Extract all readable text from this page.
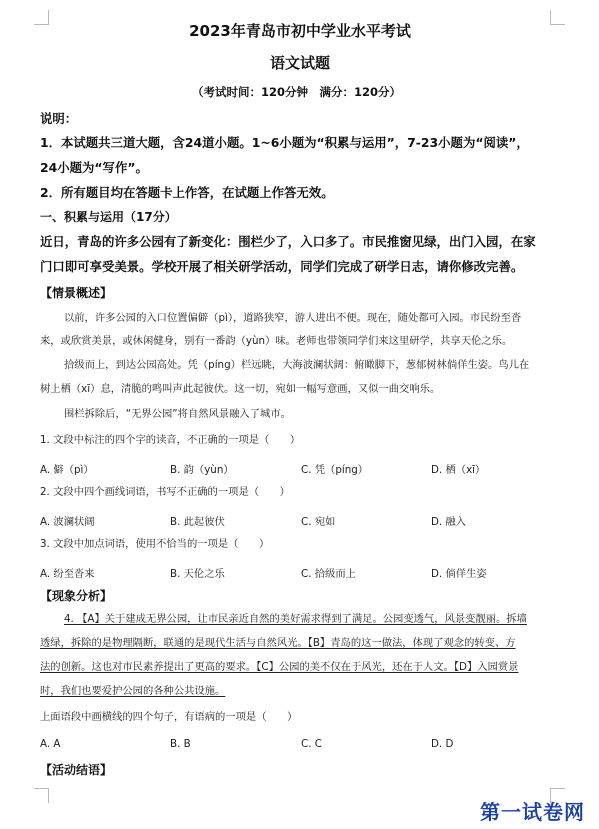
2023年青岛市初中学业水平考试
语文试题
（考试时间：120分钟　满分：120分）
说明：
1．本试题共三道大题，含24道小题。1~6小题为“积累与运用”，7-23小题为“阅读”，
24小题为“写作”。
2．所有题目均在答题卡上作答，在试题上作答无效。
一、积累与运用（17分）
近日，青岛的许多公园有了新变化：围栏少了，入口多了。市民推窗见绿，出门入园，在家
门口即可享受美景。学校开展了相关研学活动，同学们完成了研学日志，请你修改完善。
【情景概述】
以前，许多公园的入口位置偏僻（pì），道路狭窄，游人进出不便。现在，随处都可入园。市民纷至沓
来，或欣赏美景，或休闲健身，别有一番韵（yùn）味。老师也带领同学们来这里研学，共享天伦之乐。
拾级而上，到达公园高处。凭（píng）栏远眺，大海波澜状阔：俯瞰脚下，葱郁树林倘佯生姿。鸟儿在
树上栖（xī）息，清脆的鸣叫声此起彼伏。这一切，宛如一幅写意画，又似一曲交响乐。
围栏拆除后，“无界公园”将自然风景融入了城市。
1. 文段中标注的四个字的读音，不正确的一项是（　　）
A. 僻（pì）	B. 韵（yùn）	C. 凭（píng）	D. 栖（xī）
2. 文段中四个画线词语，书写不正确的一项是（　　）
A. 波澜状阔	B. 此起彼伏	C. 宛如	D. 融入
3. 文段中加点词语，使用不恰当的一项是（　　）
A. 纷至沓来	B. 天伦之乐	C. 拾级而上	D. 倘佯生姿
【现象分析】
4. 【A】关于建成无界公园，让市民亲近自然的美好需求得到了满足。公园变透气，风景变靓丽。拆墙
透绿，拆除的是物理隔断，联通的是现代生活与自然风光。【B】青岛的这一做法，体现了观念的转变、方
法的创新。这也对市民素养提出了更高的要求。【C】公园的美不仅在于风光，还在于人文。【D】入园赏景
时，我们也要爱护公园的各种公共设施。
上面语段中画横线的四个句子，有语病的一项是（　　）
A. A	B. B	C. C	D. D
【活动结语】
第一试卷网
